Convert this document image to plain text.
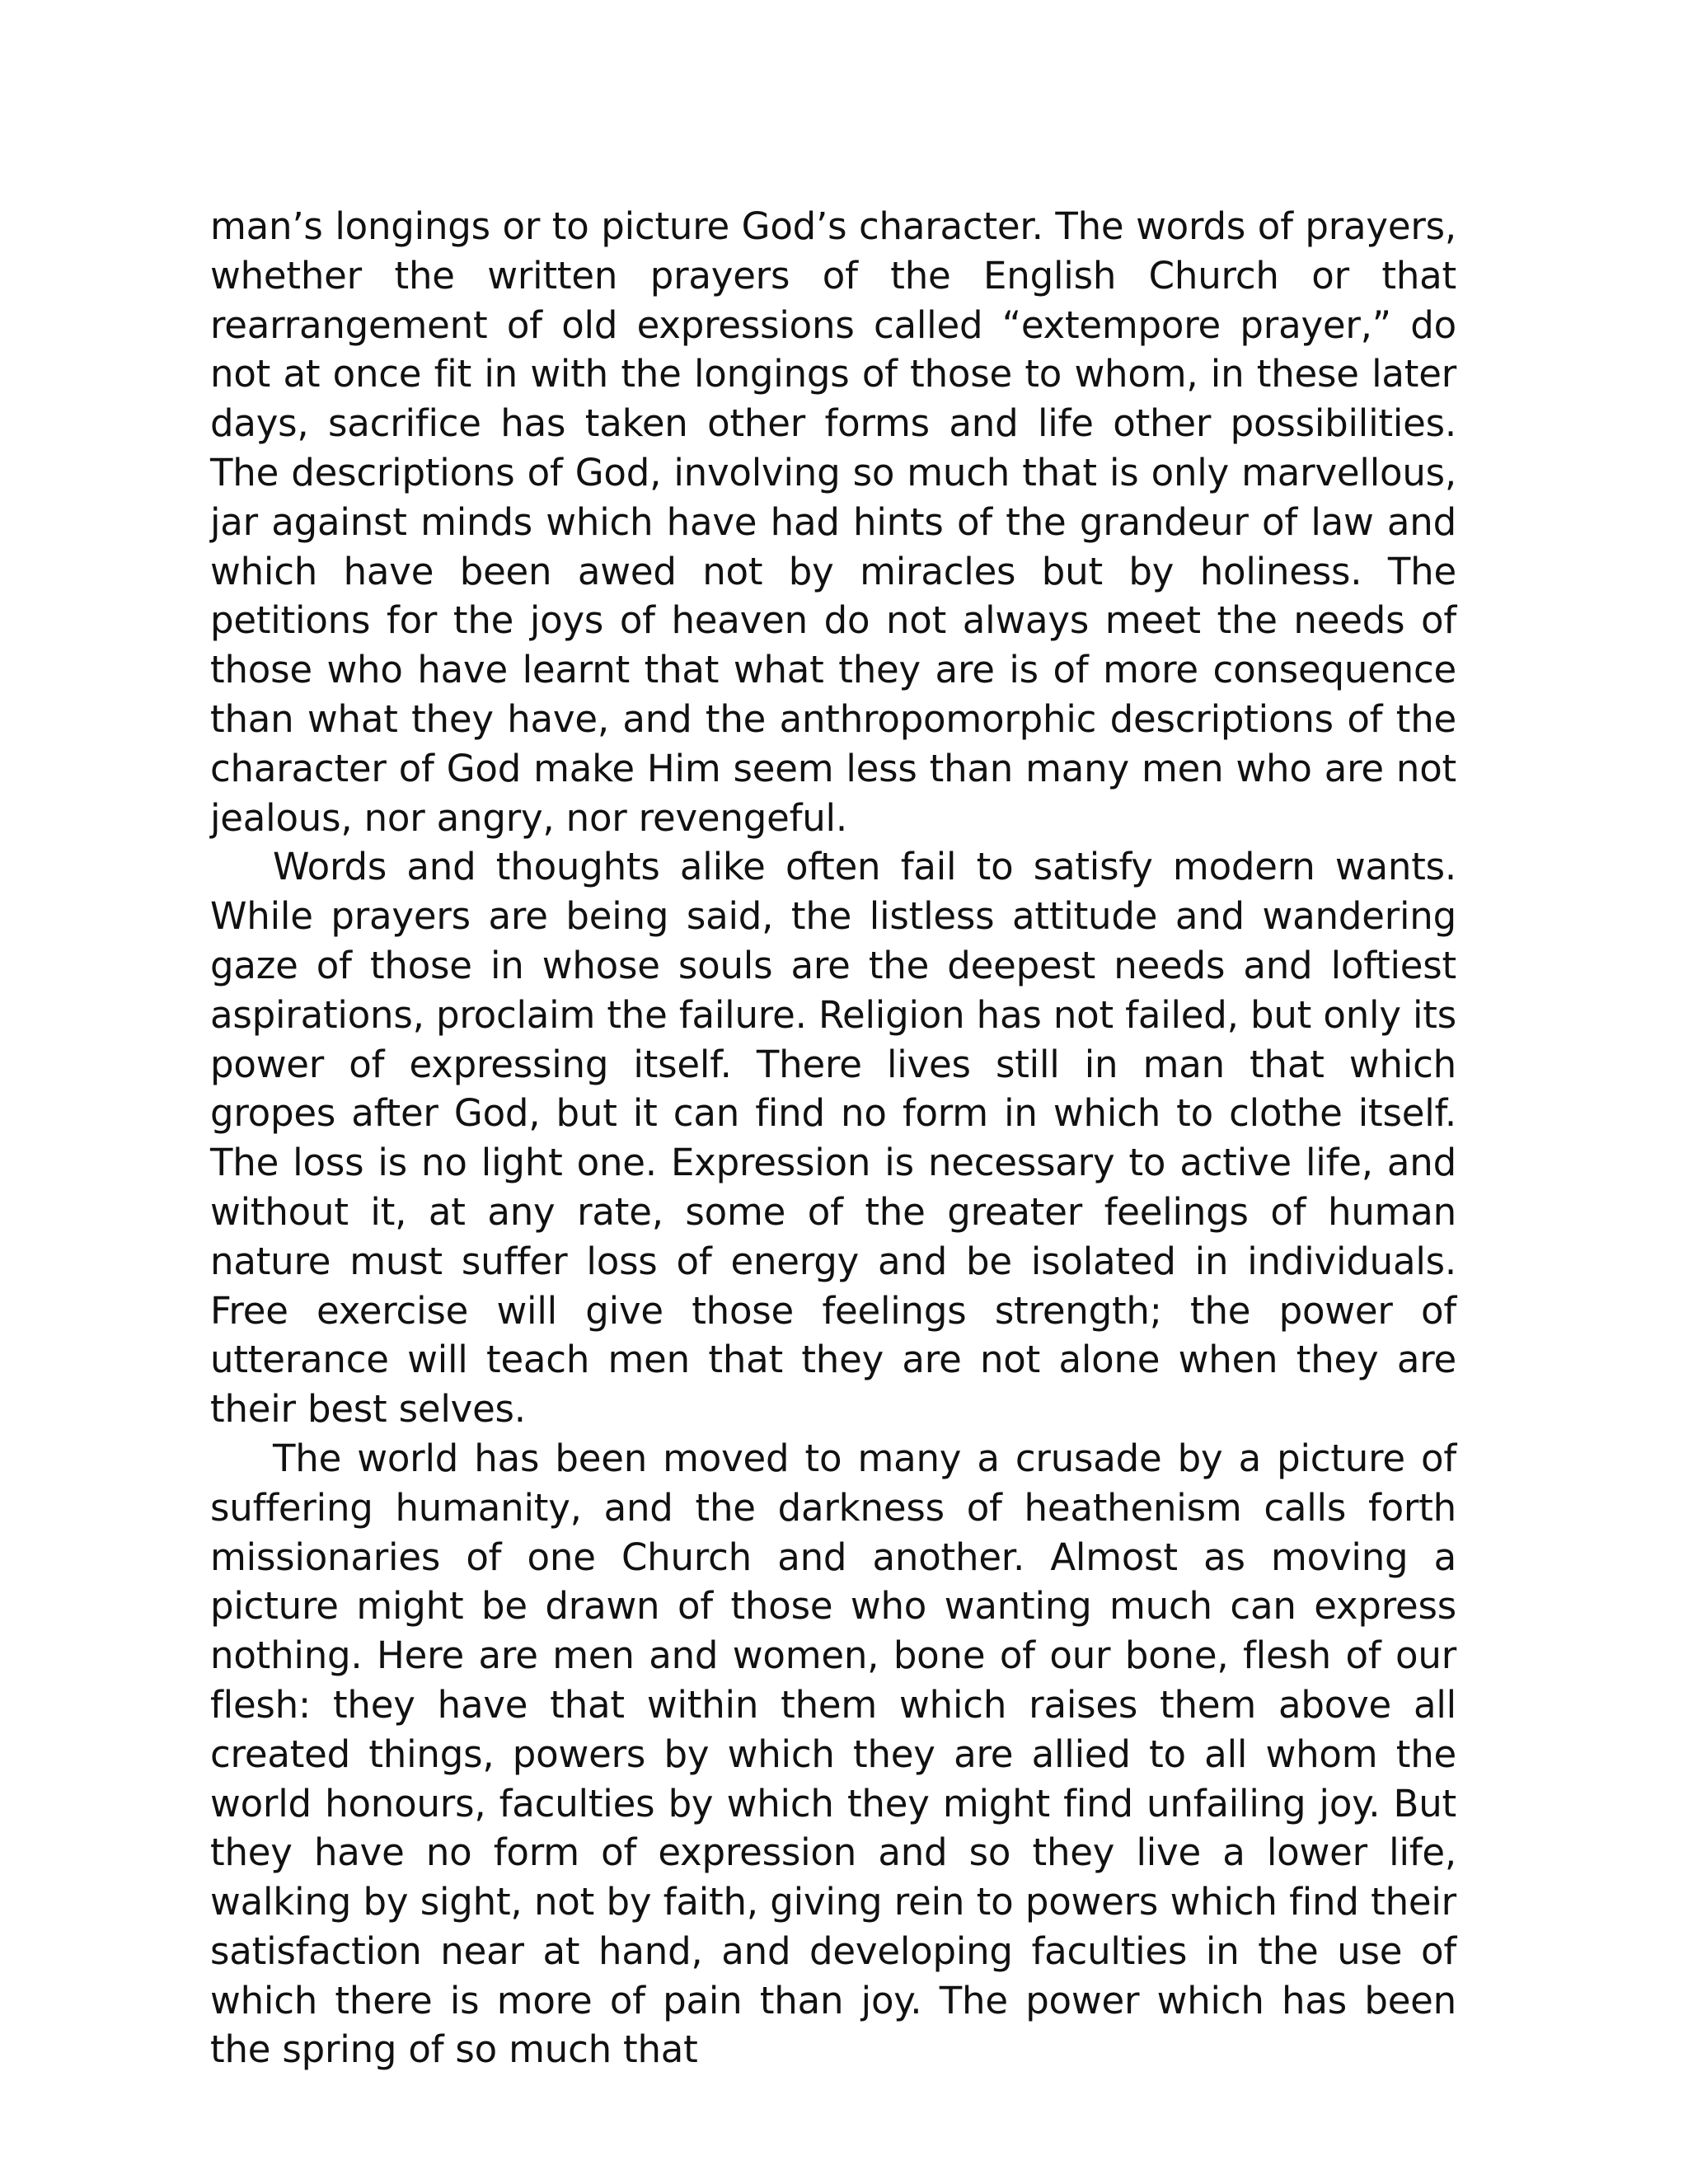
man’s longings or to picture God’s character. The words of prayers, whether the written prayers of the English Church or that rearrangement of old expressions called “extempore prayer,” do not at once fit in with the longings of those to whom, in these later days, sacrifice has taken other forms and life other possibilities. The descriptions of God, involving so much that is only marvellous, jar against minds which have had hints of the grandeur of law and which have been awed not by miracles but by holiness. The petitions for the joys of heaven do not always meet the needs of those who have learnt that what they are is of more consequence than what they have, and the anthropomorphic descriptions of the character of God make Him seem less than many men who are not jealous, nor angry, nor revengeful.

Words and thoughts alike often fail to satisfy modern wants. While prayers are being said, the listless attitude and wandering gaze of those in whose souls are the deepest needs and loftiest aspirations, proclaim the failure. Religion has not failed, but only its power of expressing itself. There lives still in man that which gropes after God, but it can find no form in which to clothe itself. The loss is no light one. Expression is necessary to active life, and without it, at any rate, some of the greater feelings of human nature must suffer loss of energy and be isolated in individuals. Free exercise will give those feelings strength; the power of utterance will teach men that they are not alone when they are their best selves.

The world has been moved to many a crusade by a picture of suffering humanity, and the darkness of heathenism calls forth missionaries of one Church and another. Almost as moving a picture might be drawn of those who wanting much can express nothing. Here are men and women, bone of our bone, flesh of our flesh: they have that within them which raises them above all created things, powers by which they are allied to all whom the world honours, faculties by which they might find unfailing joy. But they have no form of expression and so they live a lower life, walking by sight, not by faith, giving rein to powers which find their satisfaction near at hand, and developing faculties in the use of which there is more of pain than joy. The power which has been the spring of so much that
